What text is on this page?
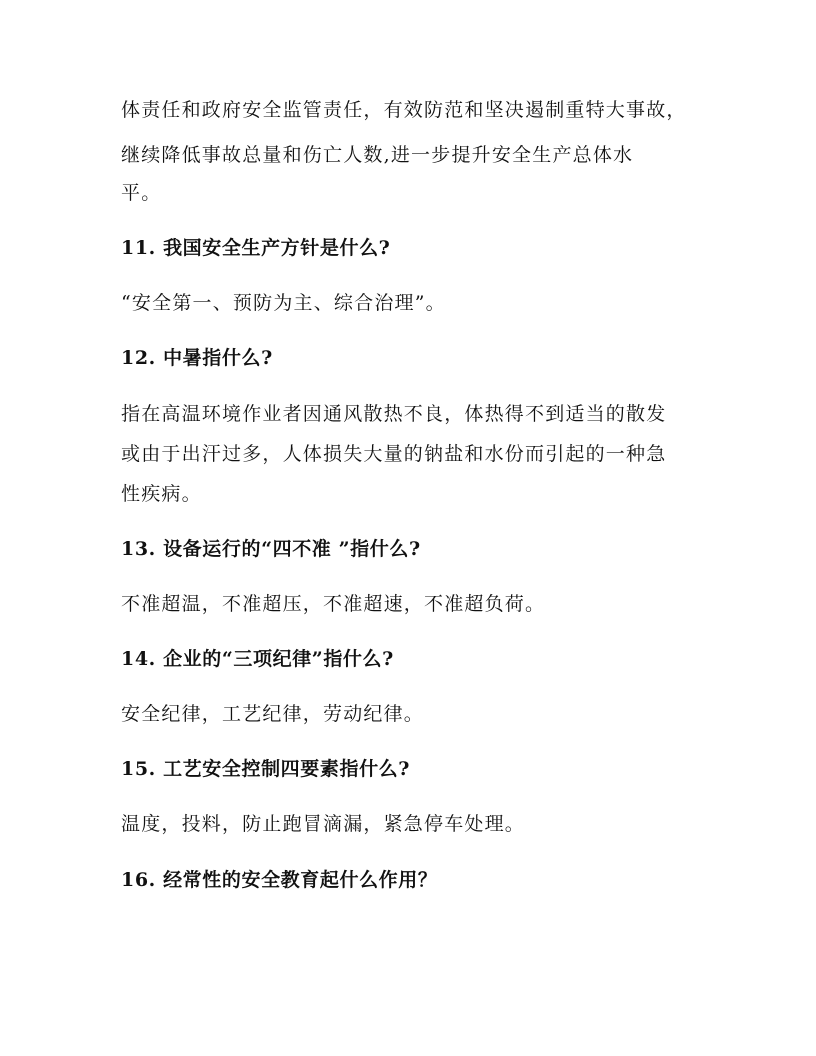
体责任和政府安全监管责任，有效防范和坚决遏制重特大事故，
继续降低事故总量和伤亡人数,进一步提升安全生产总体水
平。
11. 我国安全生产方针是什么?
“安全第一、预防为主、综合治理”。
12. 中暑指什么?
指在高温环境作业者因通风散热不良，体热得不到适当的散发
或由于出汗过多，人体损失大量的钠盐和水份而引起的一种急
性疾病。
13. 设备运行的“四不准 ”指什么?
不准超温，不准超压，不准超速，不准超负荷。
14. 企业的“三项纪律”指什么?
安全纪律，工艺纪律，劳动纪律。
15. 工艺安全控制四要素指什么?
温度，投料，防止跑冒滴漏，紧急停车处理。
16. 经常性的安全教育起什么作用？
